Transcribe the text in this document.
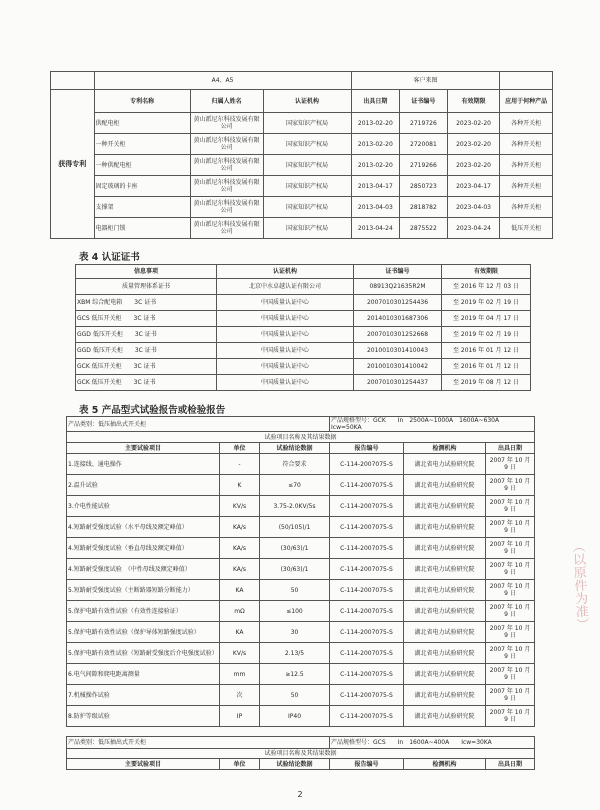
	A4、A5			客户来图			
获得专利	专利名称	归属人姓名	认证机构	出具日期	证书编号	有效期限	应用于何种产品
	供配电柜	黄山派尼尔科技发展有限公司	国家知识产权局	2013-02-20	2719726	2023-02-20	各种开关柜
	一种开关柜	黄山派尼尔科技发展有限公司	国家知识产权局	2013-02-20	2720081	2023-02-20	各种开关柜
	一种供配电柜	黄山派尼尔科技发展有限公司	国家知识产权局	2013-02-20	2719266	2023-02-20	各种开关柜
	固定玻璃的卡座	黄山派尼尔科技发展有限公司	国家知识产权局	2013-04-17	2850723	2023-04-17	各种开关柜
	支撑架	黄山派尼尔科技发展有限公司	国家知识产权局	2013-04-03	2818782	2023-04-03	各种开关柜
	电器柜门锁	黄山派尼尔科技发展有限公司	国家知识产权局	2013-04-24	2875522	2023-04-24	低压开关柜
表 4 认证证书
信息事项	认证机构	证书编号	有效期限
质量管理体系证书	北京中水卓越认证有限公司	08913Q21635R2M	至 2016 年 12 月 03 日
XBM 综合配电箱　　3C 证书	中国质量认证中心	2007010301254436	至 2019 年 02 月 19 日
GCS 低压开关柜　　3C 证书	中国质量认证中心	2014010301687306	至 2019 年 04 月 17 日
GGD 低压开关柜　　3C 证书	中国质量认证中心	2007010301252668	至 2019 年 02 月 19 日
GGD 低压开关柜　　3C 证书	中国质量认证中心	2010010301410043	至 2016 年 01 月 12 日
GCK 低压开关柜　　3C 证书	中国质量认证中心	2010010301410042	至 2016 年 01 月 12 日
GCK 低压开关柜　　3C 证书	中国质量认证中心	2007010301254437	至 2019 年 08 月 12 日
表 5 产品型式试验报告或检验报告
产品类别：低压抽出式开关柜			产品规格型号：GCK　　In　2500A~1000A　1600A~630A　Icw=50KA		
试验项目名称及其结果数据					
主要试验项目	单位	试验结论数据	报告编号	检测机构	出具日期
1.连接线、通电操作	-	符合要求	C-114-2007075-S	湖北省电力试验研究院	2007 年 10 月 9 日
2.温升试验	K	≤70	C-114-2007075-S	湖北省电力试验研究院	2007 年 10 月 9 日
3.介电性能试验	KV/s	3.75-2.0KV/5s	C-114-2007075-S	湖北省电力试验研究院	2007 年 10 月 9 日
4.短路耐受强度试验（水平母线及额定峰值）	KA/s	(50/105)/1	C-114-2007075-S	湖北省电力试验研究院	2007 年 10 月 9 日
4.短路耐受强度试验（垂直母线及额定峰值）	KA/s	(30/63)/1	C-114-2007075-S	湖北省电力试验研究院	2007 年 10 月 9 日
4.短路耐受强度试验　（中性母线及额定峰值）	KA/s	(30/63)/1	C-114-2007075-S	湖北省电力试验研究院	2007 年 10 月 9 日
5.短路耐受强度试验（主断路器短路分断能力）	KA	50	C-114-2007075-S	湖北省电力试验研究院	2007 年 10 月 9 日
5.保护电路有效性试验（有效性连接验证）	mΩ	≤100	C-114-2007075-S	湖北省电力试验研究院	2007 年 10 月 9 日
5.保护电路有效性试验（保护导体短路强度试验）	KA	30	C-114-2007075-S	湖北省电力试验研究院	2007 年 10 月 9 日
5.保护电路有效性试验（短路耐受强度后介电强度试验）	KV/s	2.13/5	C-114-2007075-S	湖北省电力试验研究院	2007 年 10 月 9 日
6.电气间隙和爬电距离测量	mm	≥12.5	C-114-2007075-S	湖北省电力试验研究院	2007 年 10 月 9 日
7.机械操作试验	次	50	C-114-2007075-S	湖北省电力试验研究院	2007 年 10 月 9 日
8.防护等级试验	IP	IP40	C-114-2007075-S	湖北省电力试验研究院	2007 年 10 月 9 日

产品类别：低压抽出式开关柜			产品规格型号：GCS　　In　1600A~400A　　Icw=30KA		
试验项目名称及其结果数据					
主要试验项目	单位	试验结论数据	报告编号	检测机构	出具日期
（以原件为准）
2
